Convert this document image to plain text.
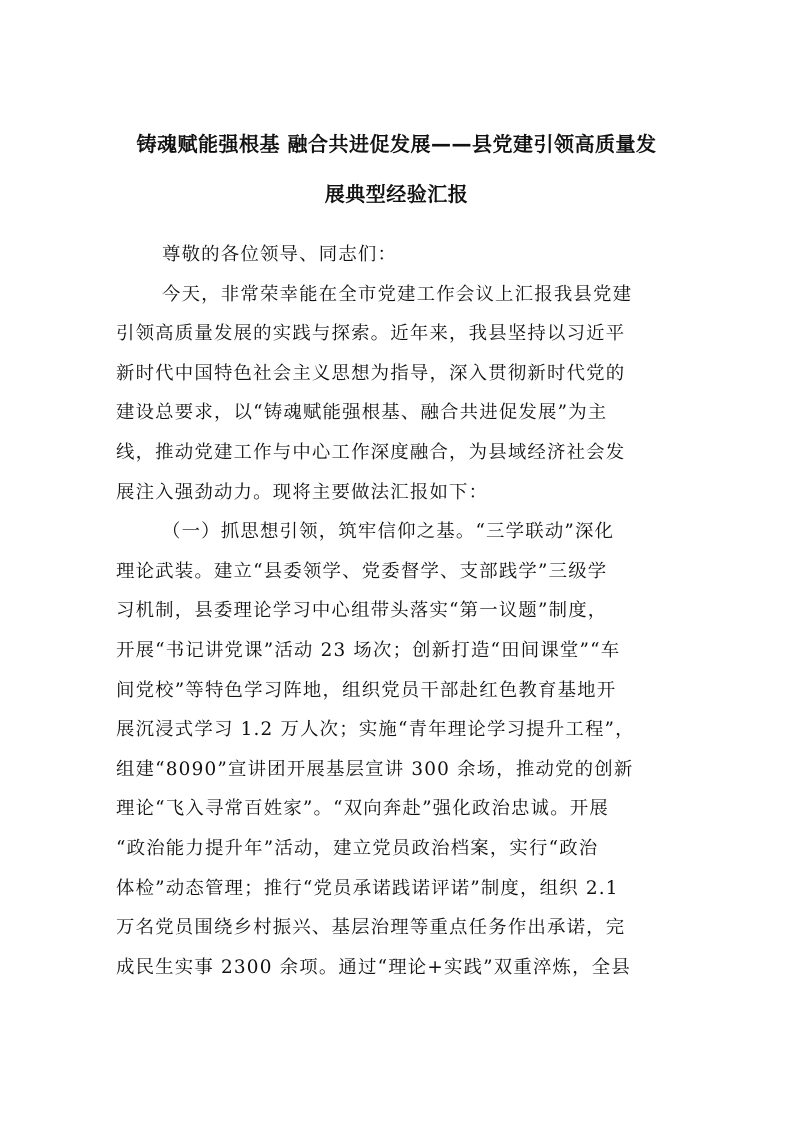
铸魂赋能强根基 融合共进促发展——县党建引领高质量发
展典型经验汇报
尊敬的各位领导、同志们：
今天，非常荣幸能在全市党建工作会议上汇报我县党建
引领高质量发展的实践与探索。近年来，我县坚持以习近平
新时代中国特色社会主义思想为指导，深入贯彻新时代党的
建设总要求，以“铸魂赋能强根基、融合共进促发展”为主
线，推动党建工作与中心工作深度融合，为县域经济社会发
展注入强劲动力。现将主要做法汇报如下：
（一）抓思想引领，筑牢信仰之基。“三学联动”深化
理论武装。建立“县委领学、党委督学、支部践学”三级学
习机制，县委理论学习中心组带头落实“第一议题”制度，
开展“书记讲党课”活动 23 场次；创新打造“田间课堂”“车
间党校”等特色学习阵地，组织党员干部赴红色教育基地开
展沉浸式学习 1.2 万人次；实施“青年理论学习提升工程”，
组建“8090”宣讲团开展基层宣讲 300 余场，推动党的创新
理论“飞入寻常百姓家”。“双向奔赴”强化政治忠诚。开展
“政治能力提升年”活动，建立党员政治档案，实行“政治
体检”动态管理；推行“党员承诺践诺评诺”制度，组织 2.1
万名党员围绕乡村振兴、基层治理等重点任务作出承诺，完
成民生实事 2300 余项。通过“理论+实践”双重淬炼，全县
